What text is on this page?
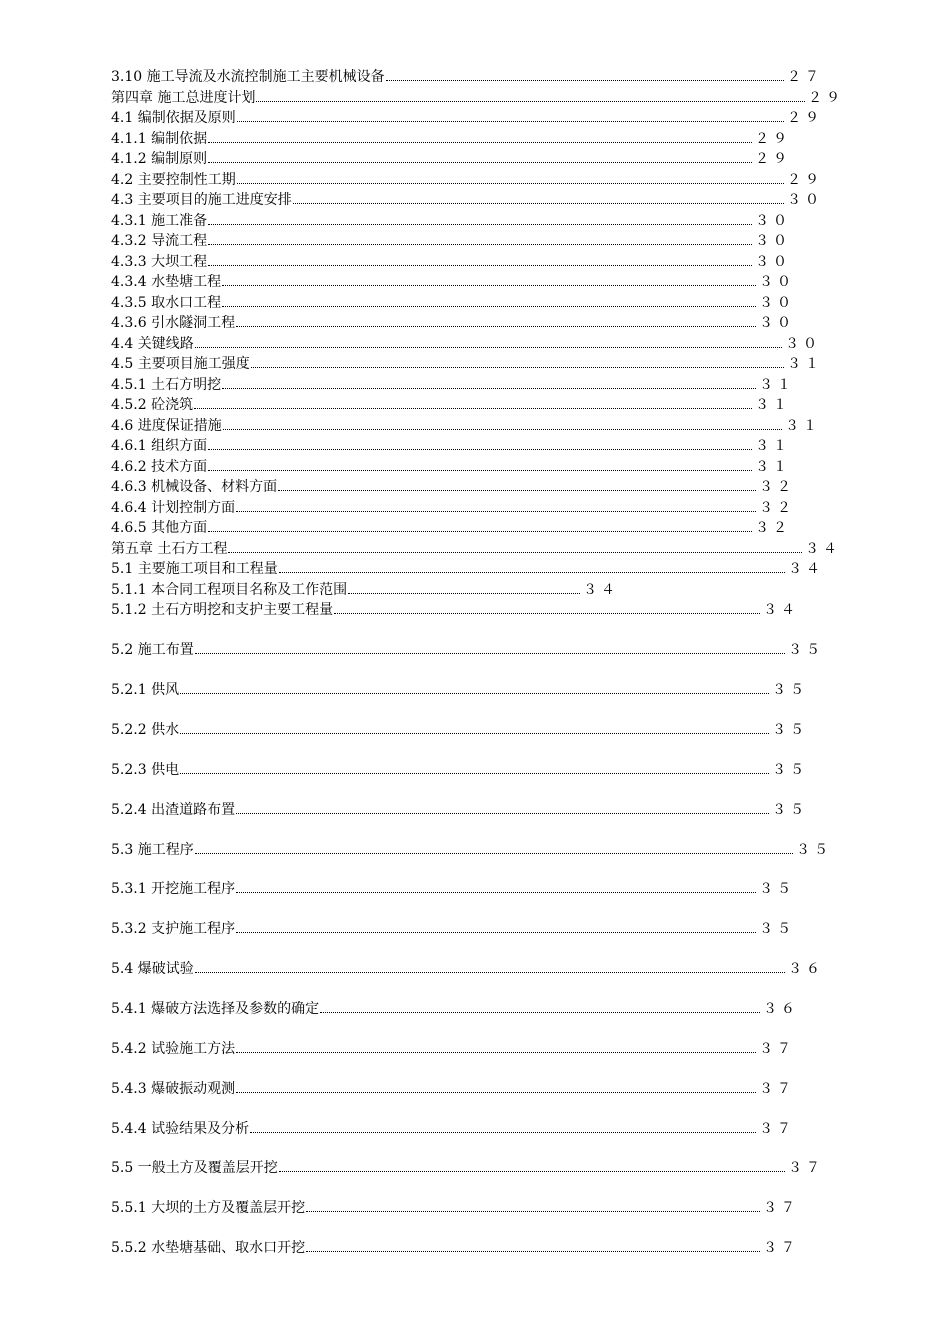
3.10 施工导流及水流控制施工主要机械设备	２７
第四章 施工总进度计划	２９
4.1 编制依据及原则	２９
4.1.1 编制依据	２９
4.1.2 编制原则	２９
4.2 主要控制性工期	２９
4.3 主要项目的施工进度安排	３０
4.3.1 施工准备	３０
4.3.2 导流工程	３０
4.3.3 大坝工程	３０
4.3.4 水垫塘工程	３０
4.3.5 取水口工程	３０
4.3.6 引水隧洞工程	３０
4.4 关键线路	３０
4.5 主要项目施工强度	３１
4.5.1 土石方明挖	３１
4.5.2 砼浇筑	３１
4.6 进度保证措施	３１
4.6.1 组织方面	３１
4.6.2 技术方面	３１
4.6.3 机械设备、材料方面	３２
4.6.4 计划控制方面	３２
4.6.5 其他方面	３２
第五章 土石方工程	３４
5.1 主要施工项目和工程量	３４
5.1.1 本合同工程项目名称及工作范围	３４
5.1.2 土石方明挖和支护主要工程量	３４
5.2 施工布置	３５
5.2.1 供风	３５
5.2.2 供水	３５
5.2.3 供电	３５
5.2.4 出渣道路布置	３５
5.3 施工程序	３５
5.3.1 开挖施工程序	３５
5.3.2 支护施工程序	３５
5.4 爆破试验	３６
5.4.1 爆破方法选择及参数的确定	３６
5.4.2 试验施工方法	３７
5.4.3 爆破振动观测	３７
5.4.4 试验结果及分析	３７
5.5 一般土方及覆盖层开挖	３７
5.5.1 大坝的土方及覆盖层开挖	３７
5.5.2 水垫塘基础、取水口开挖	３７
